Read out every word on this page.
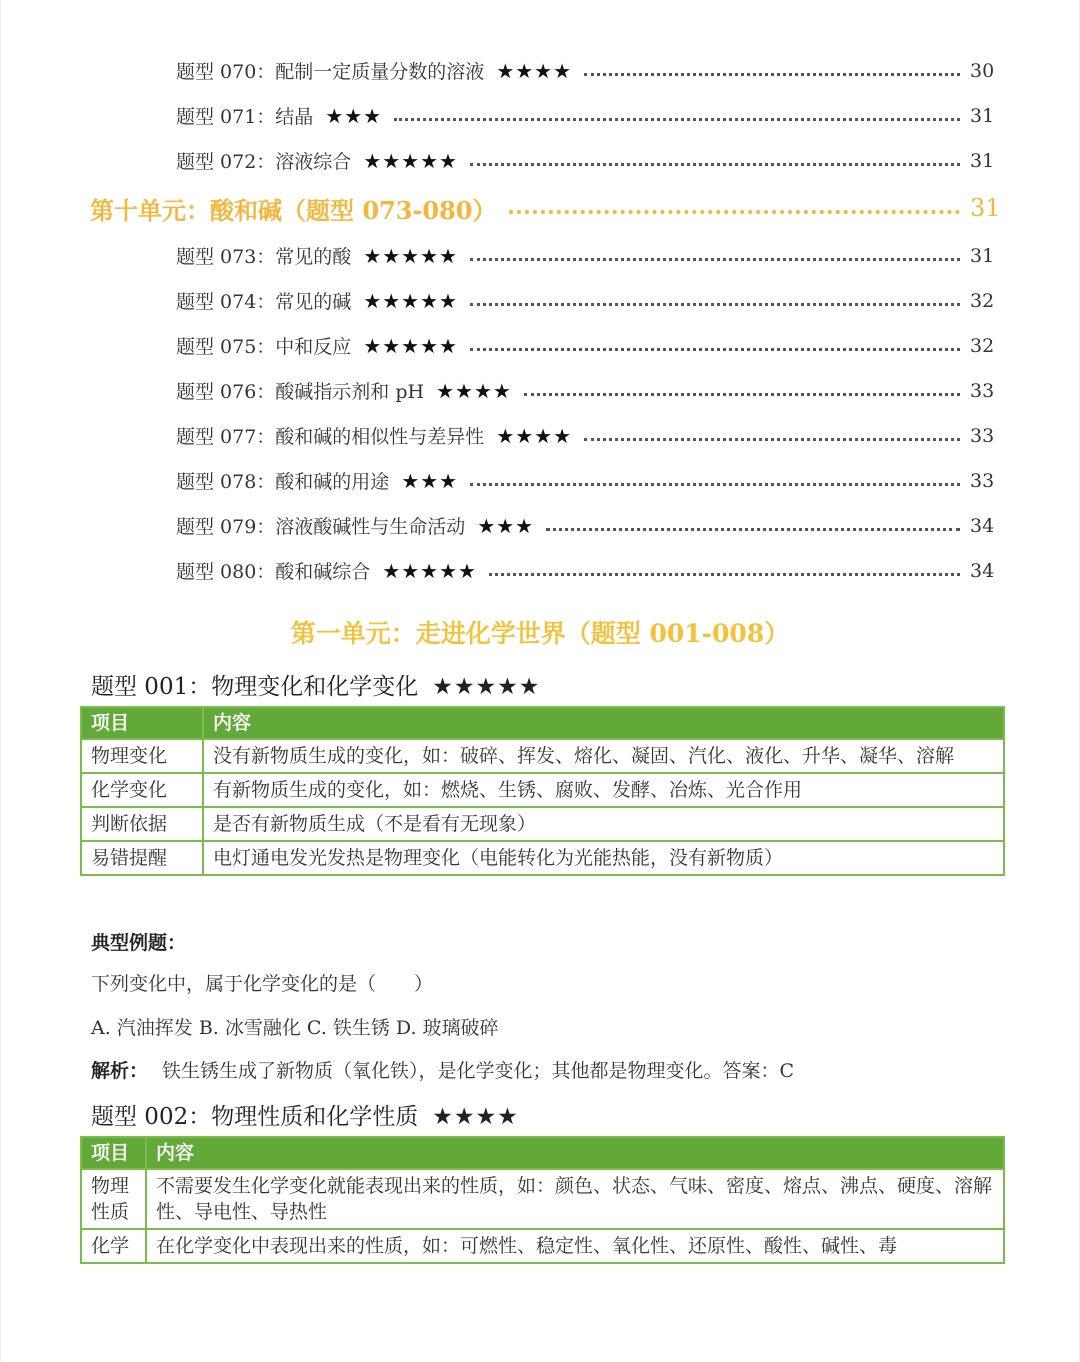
题型 070：配制一定质量分数的溶液 ★★★★	30
题型 071：结晶 ★★★	31
题型 072：溶液综合 ★★★★★	31
第十单元：酸和碱（题型 073-080）	31
题型 073：常见的酸 ★★★★★	31
题型 074：常见的碱 ★★★★★	32
题型 075：中和反应 ★★★★★	32
题型 076：酸碱指示剂和 pH ★★★★	33
题型 077：酸和碱的相似性与差异性 ★★★★	33
题型 078：酸和碱的用途 ★★★	33
题型 079：溶液酸碱性与生命活动 ★★★	34
题型 080：酸和碱综合 ★★★★★	34
第一单元：走进化学世界（题型 001-008）
题型 001：物理变化和化学变化 ★★★★★
项目	内容
物理变化	没有新物质生成的变化，如：破碎、挥发、熔化、凝固、汽化、液化、升华、凝华、溶解
化学变化	有新物质生成的变化，如：燃烧、生锈、腐败、发酵、冶炼、光合作用
判断依据	是否有新物质生成（不是看有无现象）
易错提醒	电灯通电发光发热是物理变化（电能转化为光能热能，没有新物质）
典型例题：
下列变化中，属于化学变化的是（　　）
A. 汽油挥发 B. 冰雪融化 C. 铁生锈 D. 玻璃破碎
解析： 铁生锈生成了新物质（氧化铁），是化学变化；其他都是物理变化。答案：C
题型 002：物理性质和化学性质 ★★★★
项目	内容
物理性质	不需要发生化学变化就能表现出来的性质，如：颜色、状态、气味、密度、熔点、沸点、硬度、溶解性、导电性、导热性
化学	在化学变化中表现出来的性质，如：可燃性、稳定性、氧化性、还原性、酸性、碱性、毒
